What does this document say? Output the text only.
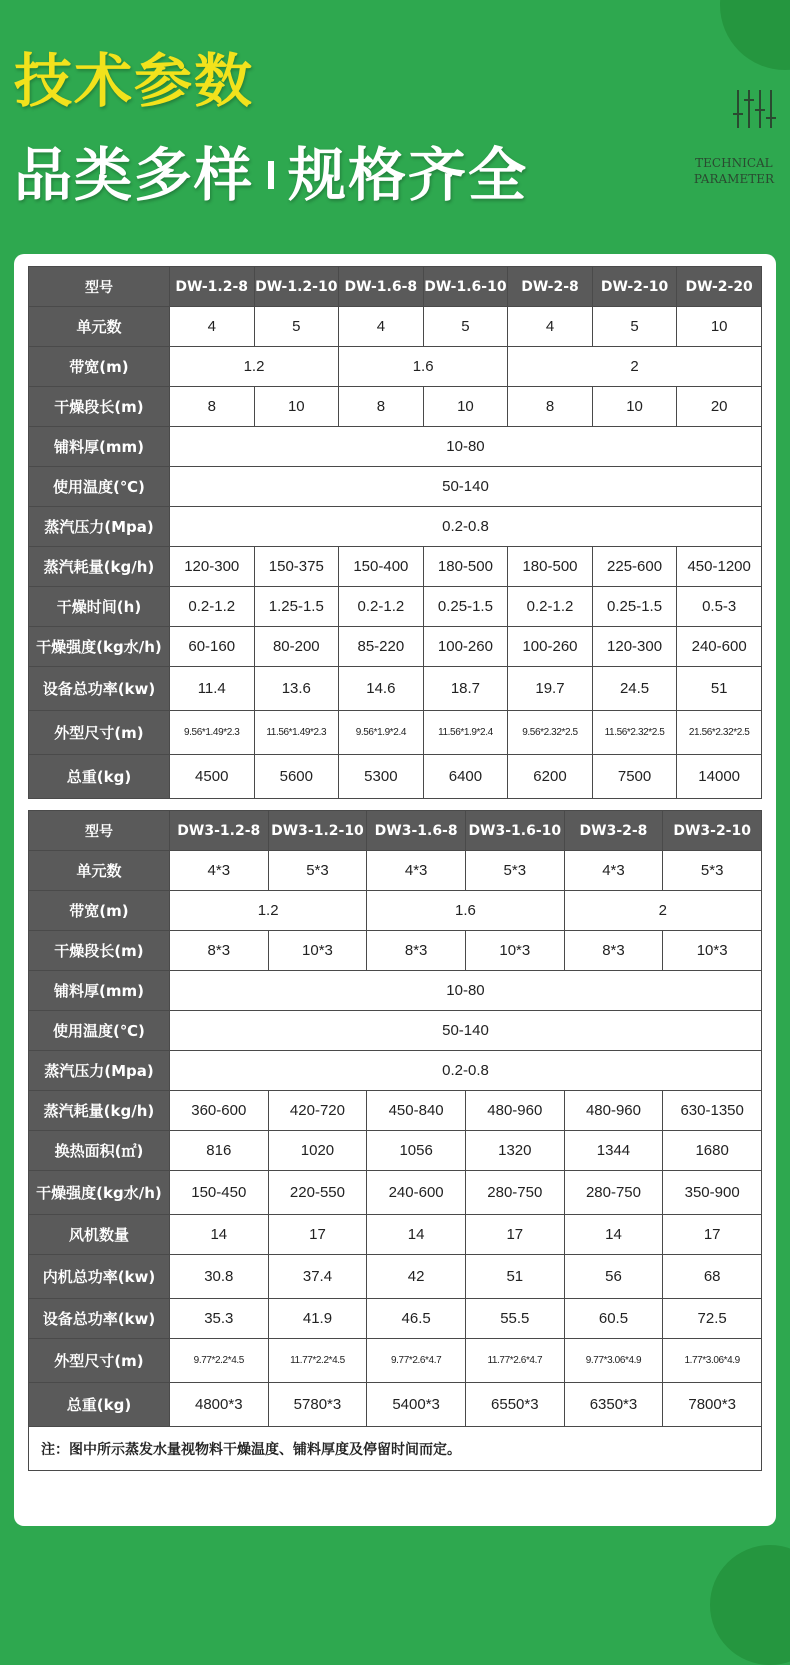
技术参数
品类多样 规格齐全	TECHNICAL
PARAMETER
型号	DW-1.2-8	DW-1.2-10	DW-1.6-8	DW-1.6-10	DW-2-8	DW-2-10	DW-2-20
单元数	4	5	4	5	4	5	10
带宽(m)	1.2		1.6		2		
干燥段长(m)	8	10	8	10	8	10	20
铺料厚(mm)	10-80						
使用温度(℃)	50-140						
蒸汽压力(Mpa)	0.2-0.8						
蒸汽耗量(kg/h)	120-300	150-375	150-400	180-500	180-500	225-600	450-1200
干燥时间(h)	0.2-1.2	1.25-1.5	0.2-1.2	0.25-1.5	0.2-1.2	0.25-1.5	0.5-3
干燥强度(kg水/h)	60-160	80-200	85-220	100-260	100-260	120-300	240-600
设备总功率(kw)	11.4	13.6	14.6	18.7	19.7	24.5	51
外型尺寸(m)	9.56*1.49*2.3	11.56*1.49*2.3	9.56*1.9*2.4	11.56*1.9*2.4	9.56*2.32*2.5	11.56*2.32*2.5	21.56*2.32*2.5
总重(kg)	4500	5600	5300	6400	6200	7500	14000
型号	DW3-1.2-8	DW3-1.2-10	DW3-1.6-8	DW3-1.6-10	DW3-2-8	DW3-2-10
单元数	4*3	5*3	4*3	5*3	4*3	5*3
带宽(m)	1.2		1.6		2	
干燥段长(m)	8*3	10*3	8*3	10*3	8*3	10*3
铺料厚(mm)	10-80					
使用温度(℃)	50-140					
蒸汽压力(Mpa)	0.2-0.8					
蒸汽耗量(kg/h)	360-600	420-720	450-840	480-960	480-960	630-1350
换热面积(㎡)	816	1020	1056	1320	1344	1680
干燥强度(kg水/h)	150-450	220-550	240-600	280-750	280-750	350-900
风机数量	14	17	14	17	14	17
内机总功率(kw)	30.8	37.4	42	51	56	68
设备总功率(kw)	35.3	41.9	46.5	55.5	60.5	72.5
外型尺寸(m)	9.77*2.2*4.5	11.77*2.2*4.5	9.77*2.6*4.7	11.77*2.6*4.7	9.77*3.06*4.9	1.77*3.06*4.9
总重(kg)	4800*3	5780*3	5400*3	6550*3	6350*3	7800*3
注：图中所示蒸发水量视物料干燥温度、铺料厚度及停留时间而定。						
